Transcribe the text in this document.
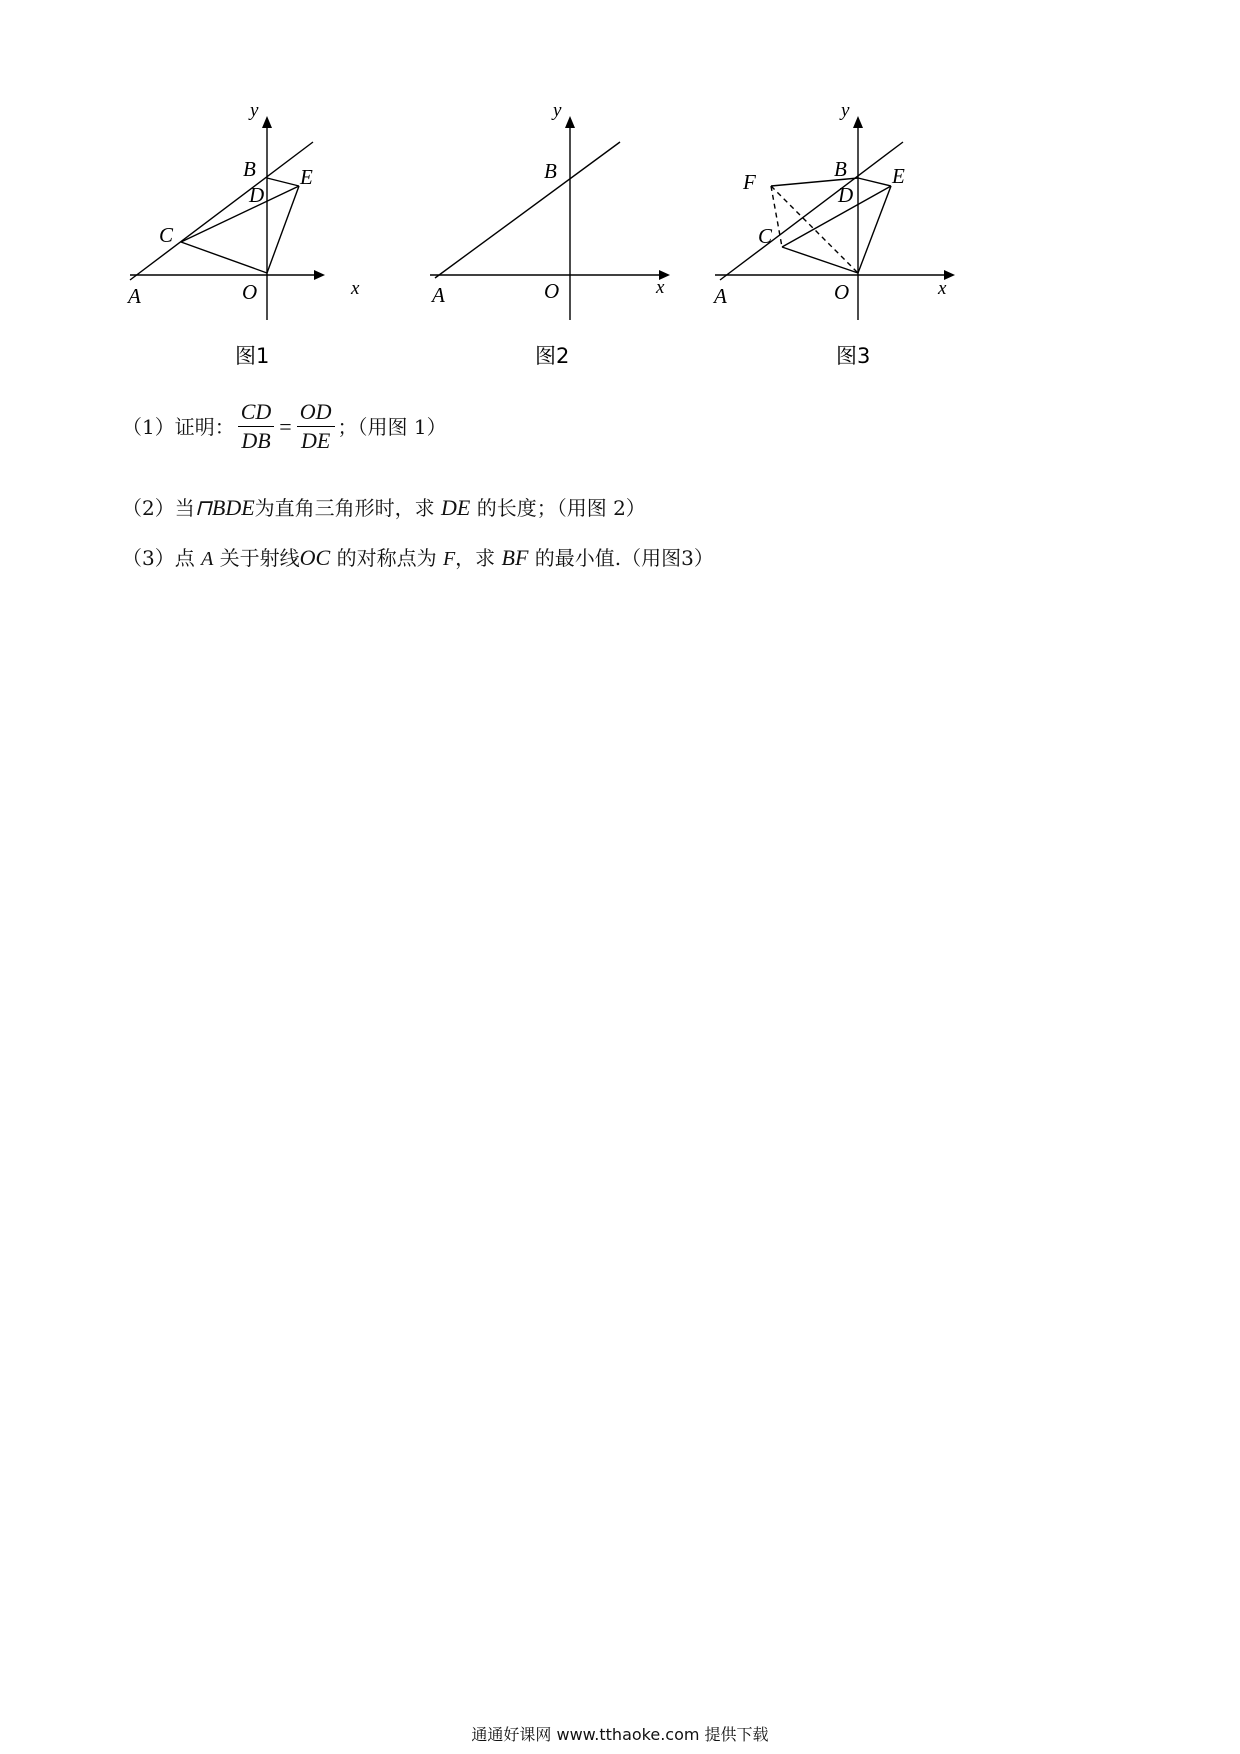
y
x
A
B
C
D
E
O
图1
y
x
A
B
O
图2
y
x
A
B
C
D
E
F
O
图3
（1）证明： $\frac{CD}{DB} = \frac{OD}{DE}$ ；（用图 1）
（2）当⊓BDE为直角三角形时，求 DE 的长度；（用图 2）
（3）点 A 关于射线OC 的对称点为 F，求 BF 的最小值.（用图3）
通通好课网 www.tthaoke.com 提供下载
